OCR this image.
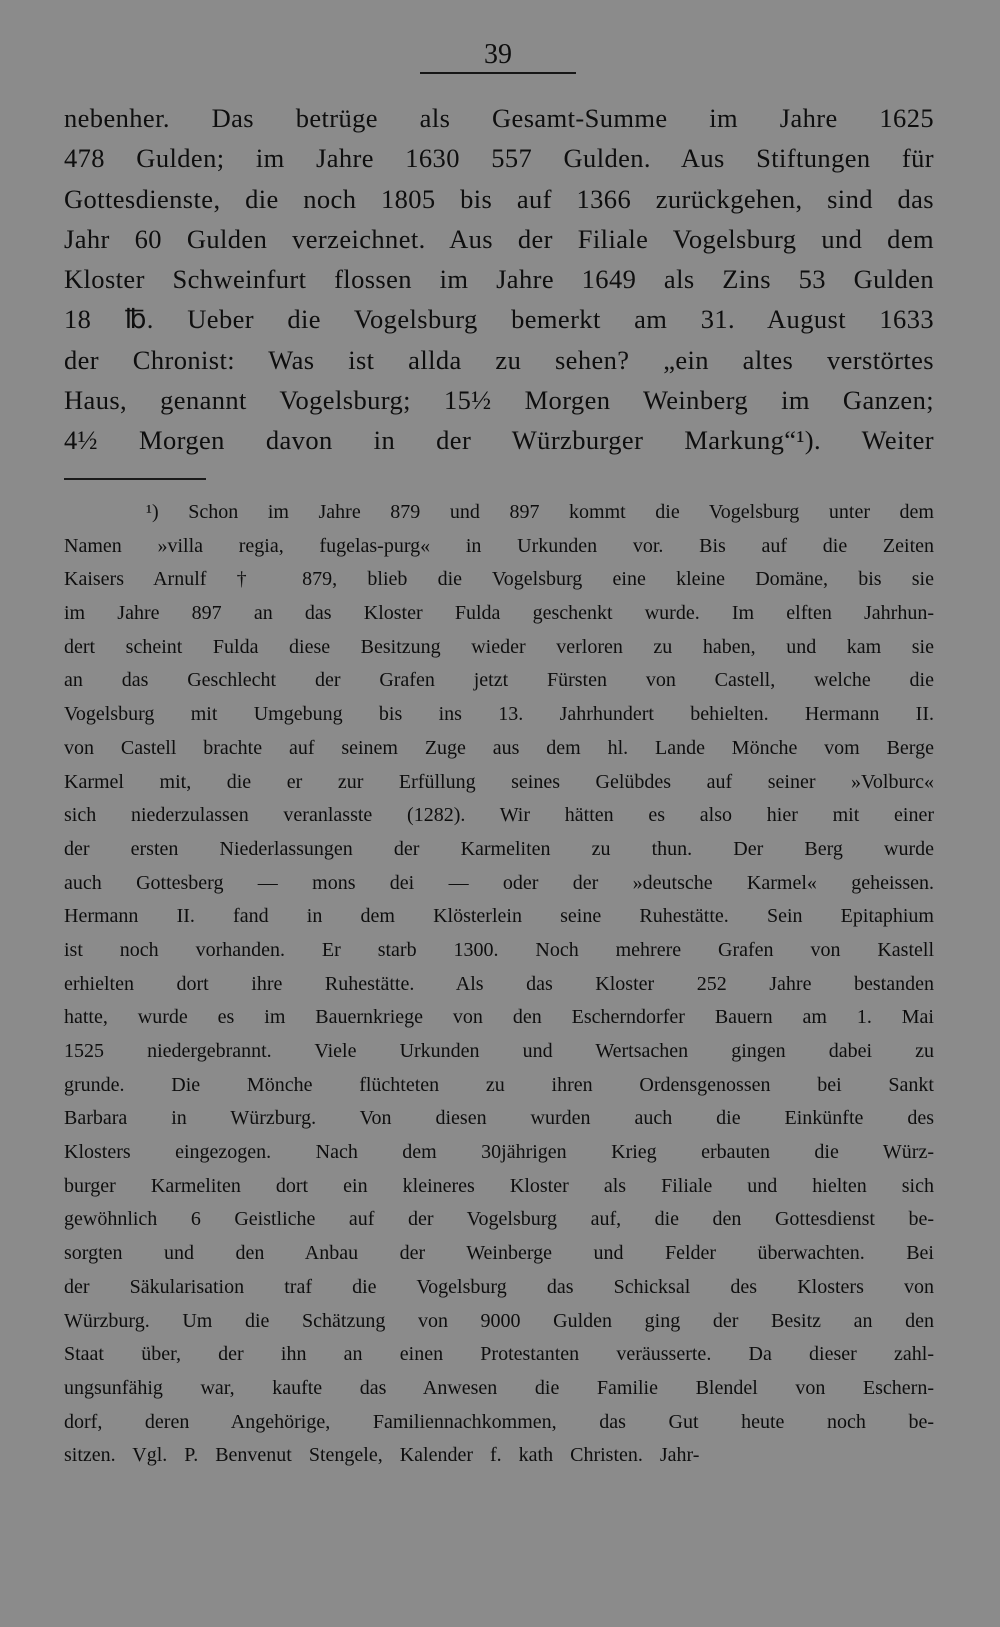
39
nebenher. Das betrüge als Gesamt-Summe im Jahre 1625
478 Gulden; im Jahre 1630 557 Gulden. Aus Stiftungen für
Gottesdienste, die noch 1805 bis auf 1366 zurückgehen, sind das
Jahr 60 Gulden verzeichnet. Aus der Filiale Vogelsburg und dem
Kloster Schweinfurt flossen im Jahre 1649 als Zins 53 Gulden
18 ℔. Ueber die Vogelsburg bemerkt am 31. August 1633
der Chronist: Was ist allda zu sehen? „ein altes verstörtes
Haus, genannt Vogelsburg; 15½ Morgen Weinberg im Ganzen;
4½ Morgen davon in der Würzburger Markung“¹). Weiter
¹) Schon im Jahre 879 und 897 kommt die Vogelsburg unter dem
Namen »villa regia, fugelas-purg« in Urkunden vor. Bis auf die Zeiten
Kaisers Arnulf † 879, blieb die Vogelsburg eine kleine Domäne, bis sie
im Jahre 897 an das Kloster Fulda geschenkt wurde. Im elften Jahrhun-
dert scheint Fulda diese Besitzung wieder verloren zu haben, und kam sie
an das Geschlecht der Grafen jetzt Fürsten von Castell, welche die
Vogelsburg mit Umgebung bis ins 13. Jahrhundert behielten. Hermann II.
von Castell brachte auf seinem Zuge aus dem hl. Lande Mönche vom Berge
Karmel mit, die er zur Erfüllung seines Gelübdes auf seiner »Volburc«
sich niederzulassen veranlasste (1282). Wir hätten es also hier mit einer
der ersten Niederlassungen der Karmeliten zu thun. Der Berg wurde
auch Gottesberg — mons dei — oder der »deutsche Karmel« geheissen.
Hermann II. fand in dem Klösterlein seine Ruhestätte. Sein Epitaphium
ist noch vorhanden. Er starb 1300. Noch mehrere Grafen von Kastell
erhielten dort ihre Ruhestätte. Als das Kloster 252 Jahre bestanden
hatte, wurde es im Bauernkriege von den Escherndorfer Bauern am 1. Mai
1525 niedergebrannt. Viele Urkunden und Wertsachen gingen dabei zu
grunde. Die Mönche flüchteten zu ihren Ordensgenossen bei Sankt
Barbara in Würzburg. Von diesen wurden auch die Einkünfte des
Klosters eingezogen. Nach dem 30jährigen Krieg erbauten die Würz-
burger Karmeliten dort ein kleineres Kloster als Filiale und hielten sich
gewöhnlich 6 Geistliche auf der Vogelsburg auf, die den Gottesdienst be-
sorgten und den Anbau der Weinberge und Felder überwachten. Bei
der Säkularisation traf die Vogelsburg das Schicksal des Klosters von
Würzburg. Um die Schätzung von 9000 Gulden ging der Besitz an den
Staat über, der ihn an einen Protestanten veräusserte. Da dieser zahl-
ungsunfähig war, kaufte das Anwesen die Familie Blendel von Eschern-
dorf, deren Angehörige, Familiennachkommen, das Gut heute noch be-
sitzen. Vgl. P. Benvenut Stengele, Kalender f. kath Christen. Jahr-
